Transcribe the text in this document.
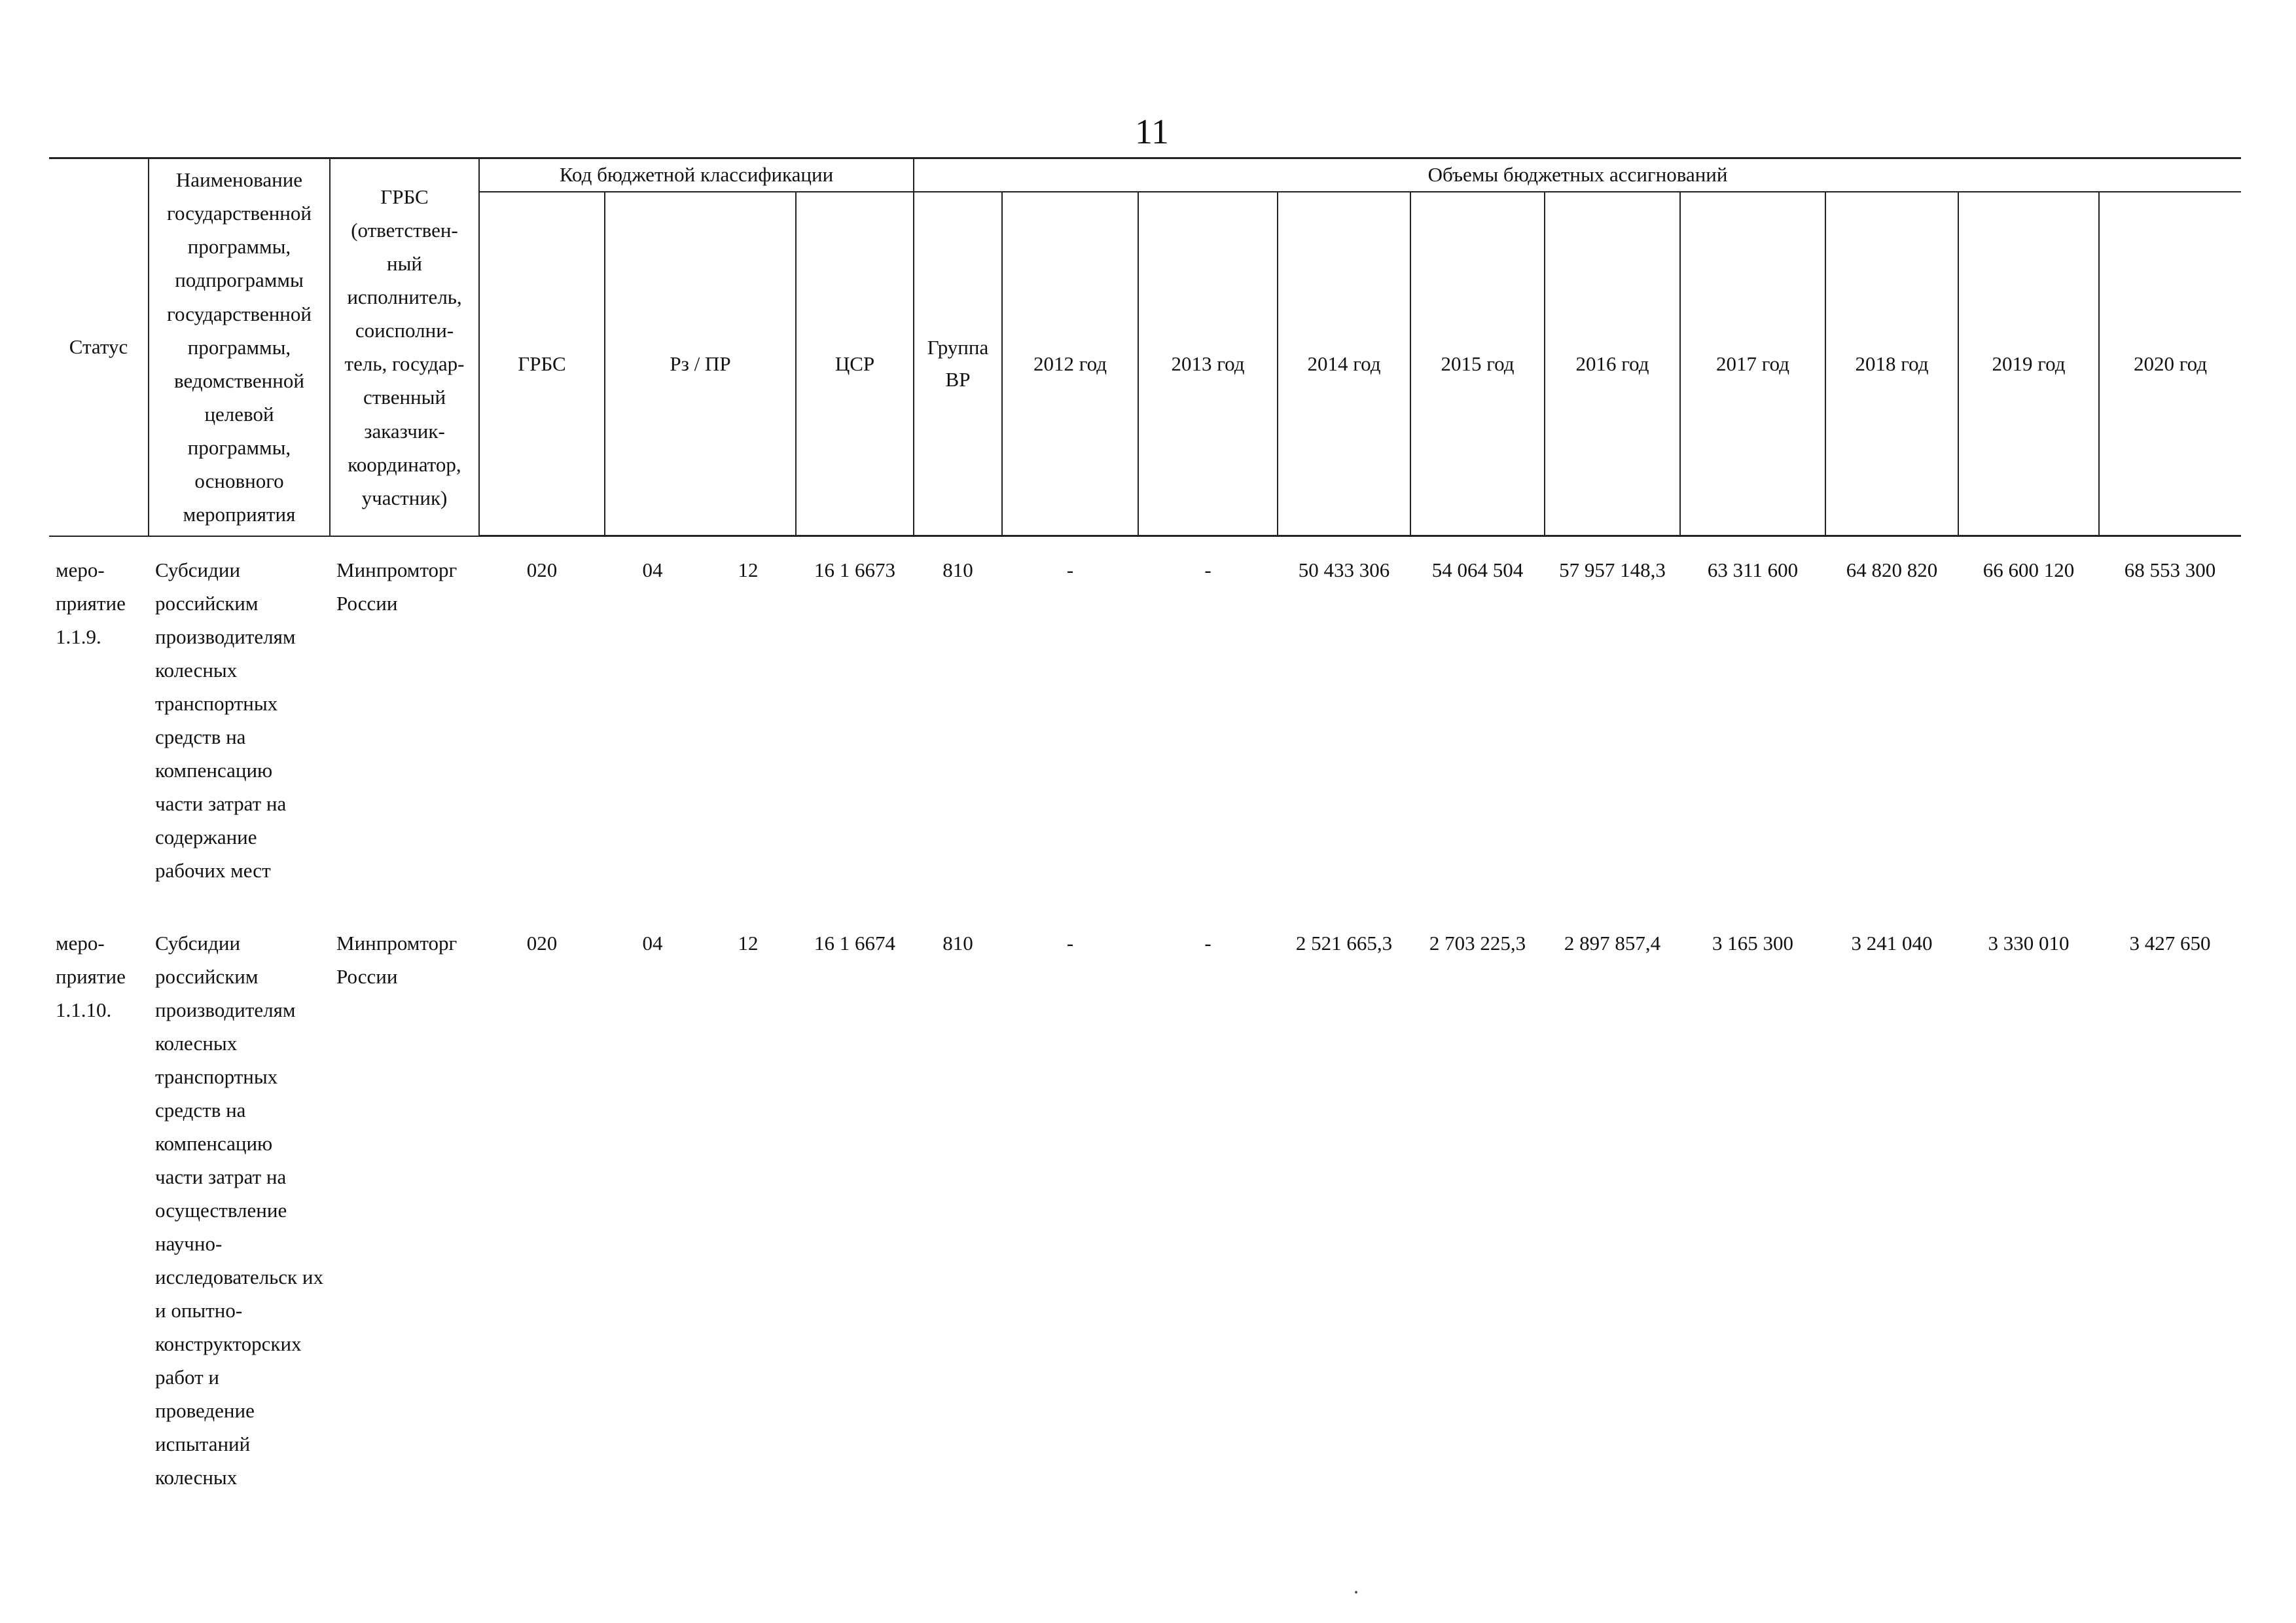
11
Статус	Наименование государственной программы, подпрограммы государственной программы, ведомственной целевой программы, основного мероприятия	ГРБС (ответствен- ный исполнитель, соисполни- тель, государ- ственный заказчик- координатор, участник)	Код бюджетной классификации			Объемы бюджетных ассигнований									
			ГРБС	Рз / ПР	ЦСР	Группа ВР	2012 год	2013 год	2014 год	2015 год	2016 год	2017 год	2018 год	2019 год	2020 год
меро- приятие 1.1.9.	Субсидии российским производителям колесных транспортных средств на компенсацию части затрат на содержание рабочих мест	Минпромторг России	020	04	12	16 1 6673	810	-	-	50 433 306	54 064 504	57 957 148,3	63 311 600	64 820 820	66 600 120	68 553 300

меро- приятие 1.1.10.	Субсидии российским производителям колесных транспортных средств на компенсацию части затрат на осуществление научно- исследовательск их и опытно- конструкторских работ и проведение испытаний колесных	Минпромторг России	020	04	12	16 1 6674	810	-	-	2 521 665,3	2 703 225,3	2 897 857,4	3 165 300	3 241 040	3 330 010	3 427 650
